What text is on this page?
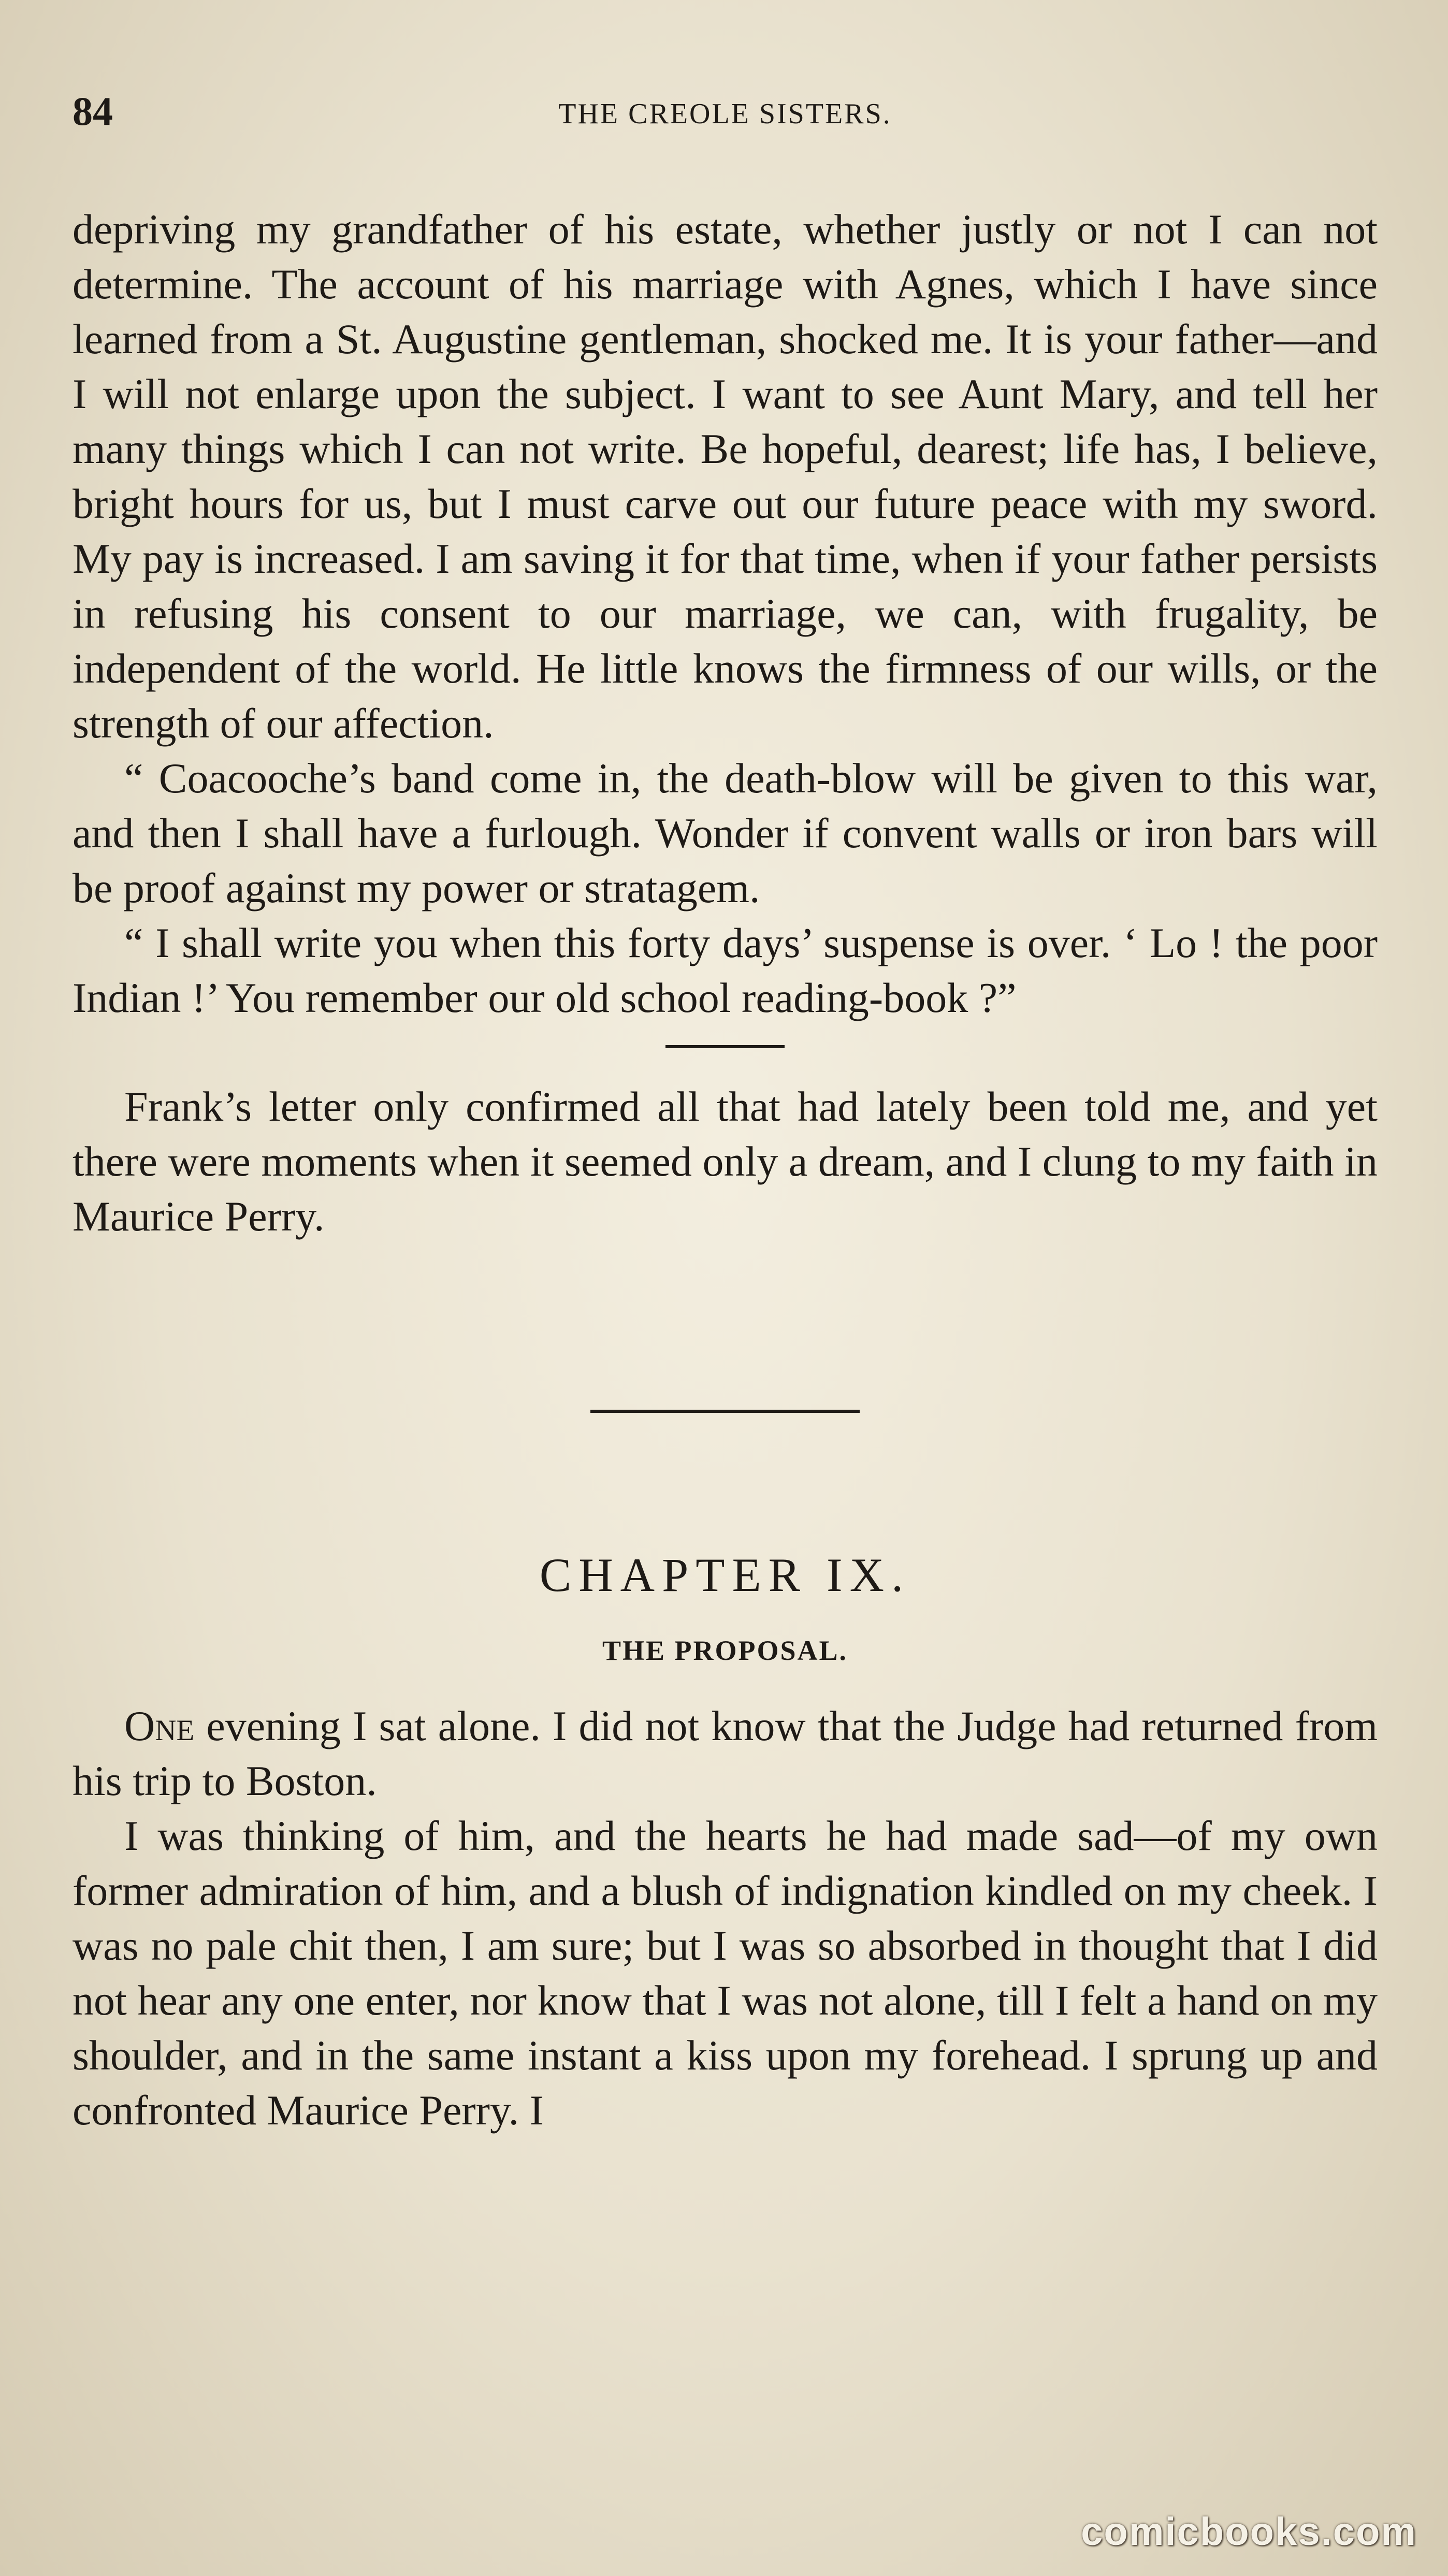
84	THE CREOLE SISTERS.

depriving my grandfather of his estate, whether justly or not I can not determine. The account of his marriage with Agnes, which I have since learned from a St. Augustine gentleman, shocked me. It is your father—and I will not enlarge upon the subject. I want to see Aunt Mary, and tell her many things which I can not write. Be hopeful, dearest; life has, I believe, bright hours for us, but I must carve out our future peace with my sword. My pay is increased. I am saving it for that time, when if your father persists in refusing his consent to our marriage, we can, with frugality, be independent of the world. He little knows the firmness of our wills, or the strength of our affection.

“ Coacooche’s band come in, the death-blow will be given to this war, and then I shall have a furlough. Wonder if convent walls or iron bars will be proof against my power or stratagem.

“ I shall write you when this forty days’ suspense is over. ‘ Lo ! the poor Indian !’ You remember our old school reading-book ?”

Frank’s letter only confirmed all that had lately been told me, and yet there were moments when it seemed only a dream, and I clung to my faith in Maurice Perry.

CHAPTER IX.
THE PROPOSAL.

One evening I sat alone. I did not know that the Judge had returned from his trip to Boston.

I was thinking of him, and the hearts he had made sad—of my own former admiration of him, and a blush of indignation kindled on my cheek. I was no pale chit then, I am sure; but I was so absorbed in thought that I did not hear any one enter, nor know that I was not alone, till I felt a hand on my shoulder, and in the same instant a kiss upon my forehead. I sprung up and confronted Maurice Perry. I

comicbooks.com
